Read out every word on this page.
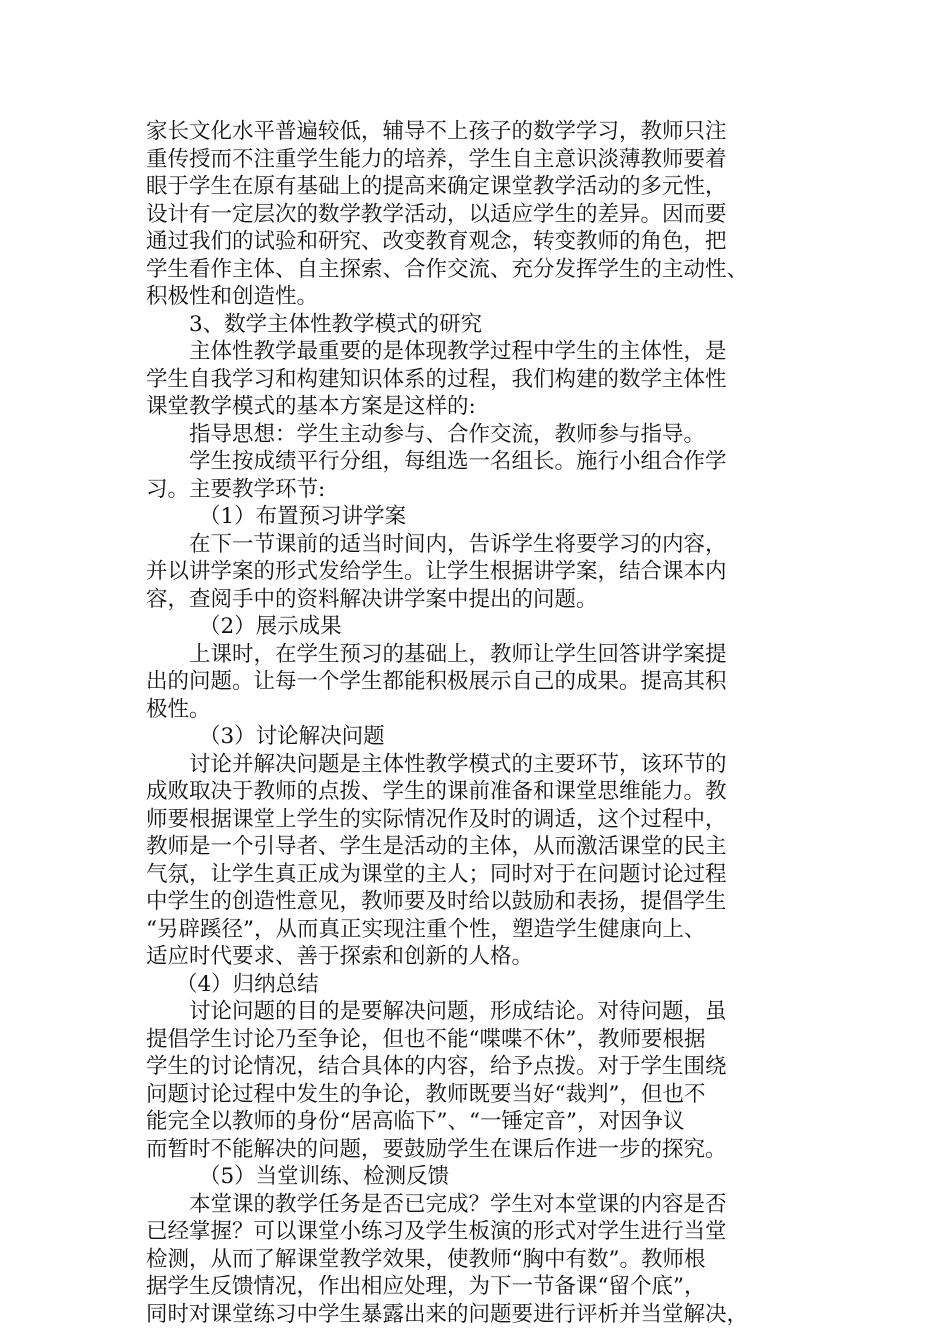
家长文化水平普遍较低，辅导不上孩子的数学学习，教师只注
重传授而不注重学生能力的培养，学生自主意识淡薄教师要着
眼于学生在原有基础上的提高来确定课堂教学活动的多元性，
设计有一定层次的数学教学活动，以适应学生的差异。因而要
通过我们的试验和研究、改变教育观念，转变教师的角色，把
学生看作主体、自主探索、合作交流、充分发挥学生的主动性、
积极性和创造性。
3、数学主体性教学模式的研究
主体性教学最重要的是体现教学过程中学生的主体性，是
学生自我学习和构建知识体系的过程，我们构建的数学主体性
课堂教学模式的基本方案是这样的:
指导思想：学生主动参与、合作交流，教师参与指导。
学生按成绩平行分组，每组选一名组长。施行小组合作学
习。主要教学环节:
（1）布置预习讲学案
在下一节课前的适当时间内，告诉学生将要学习的内容，
并以讲学案的形式发给学生。让学生根据讲学案，结合课本内
容，查阅手中的资料解决讲学案中提出的问题。
（2）展示成果
上课时，在学生预习的基础上，教师让学生回答讲学案提
出的问题。让每一个学生都能积极展示自己的成果。提高其积
极性。
（3）讨论解决问题
讨论并解决问题是主体性教学模式的主要环节，该环节的
成败取决于教师的点拨、学生的课前准备和课堂思维能力。教
师要根据课堂上学生的实际情况作及时的调适，这个过程中，
教师是一个引导者、学生是活动的主体，从而激活课堂的民主
气氛，让学生真正成为课堂的主人；同时对于在问题讨论过程
中学生的创造性意见，教师要及时给以鼓励和表扬，提倡学生
“另辟蹊径”，从而真正实现注重个性，塑造学生健康向上、
适应时代要求、善于探索和创新的人格。
（4）归纳总结
讨论问题的目的是要解决问题，形成结论。对待问题，虽
提倡学生讨论乃至争论，但也不能“喋喋不休”，教师要根据
学生的讨论情况，结合具体的内容，给予点拨。对于学生围绕
问题讨论过程中发生的争论，教师既要当好“裁判”，但也不
能完全以教师的身份“居高临下”、“一锤定音”，对因争议
而暂时不能解决的问题，要鼓励学生在课后作进一步的探究。
（5）当堂训练、检测反馈
本堂课的教学任务是否已完成？学生对本堂课的内容是否
已经掌握？可以课堂小练习及学生板演的形式对学生进行当堂
检测，从而了解课堂教学效果，使教师“胸中有数”。教师根
据学生反馈情况，作出相应处理，为下一节备课“留个底”，
同时对课堂练习中学生暴露出来的问题要进行评析并当堂解决，
